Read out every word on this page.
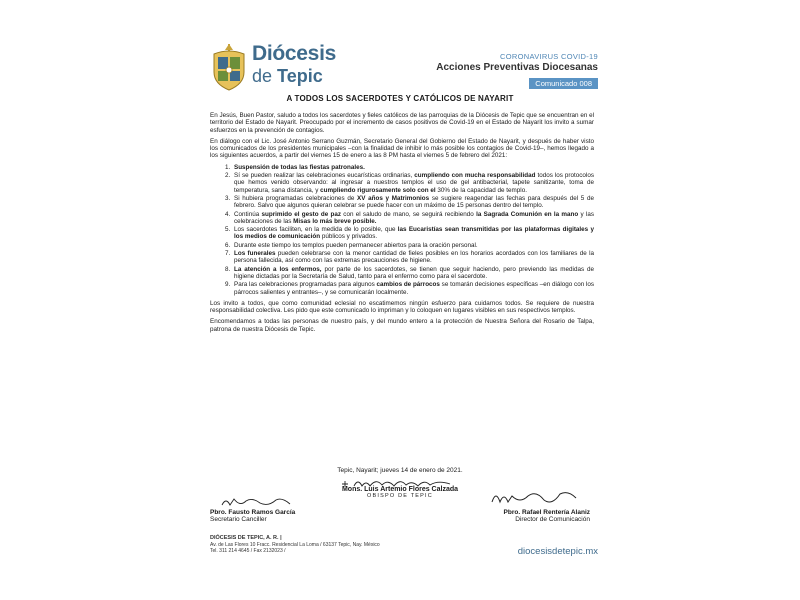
Diócesis
de Tepic
CORONAVIRUS COVID-19
Acciones Preventivas Diocesanas
Comunicado 008
A TODOS LOS SACERDOTES Y CATÓLICOS DE NAYARIT

En Jesús, Buen Pastor, saludo a todos los sacerdotes y fieles católicos de las parroquias de la Diócesis de Tepic que se encuentran en el territorio del Estado de Nayarit. Preocupado por el incremento de casos positivos de Covid-19 en el Estado de Nayarit los invito a sumar esfuerzos en la prevención de contagios.

En diálogo con el Lic. José Antonio Serrano Guzmán, Secretario General del Gobierno del Estado de Nayarit, y después de haber visto los comunicados de los presidentes municipales –con la finalidad de inhibir lo más posible los contagios de Covid-19–, hemos llegado a los siguientes acuerdos, a partir del viernes 15 de enero a las 8 PM hasta el viernes 5 de febrero del 2021:

1. Suspensión de todas las fiestas patronales.
2. Sí se pueden realizar las celebraciones eucarísticas ordinarias, cumpliendo con mucha responsabilidad todos los protocolos que hemos venido observando: al ingresar a nuestros templos el uso de gel antibacterial, tapete sanitizante, toma de temperatura, sana distancia, y cumpliendo rigurosamente solo con el 30% de la capacidad de templo.
3. Si hubiera programadas celebraciones de XV años y Matrimonios se sugiere reagendar las fechas para después del 5 de febrero. Salvo que algunos quieran celebrar se puede hacer con un máximo de 15 personas dentro del templo.
4. Continúa suprimido el gesto de paz con el saludo de mano, se seguirá recibiendo la Sagrada Comunión en la mano y las celebraciones de las Misas lo más breve posible.
5. Los sacerdotes faciliten, en la medida de lo posible, que las Eucaristías sean transmitidas por las plataformas digitales y los medios de comunicación públicos y privados.
6. Durante este tiempo los templos pueden permanecer abiertos para la oración personal.
7. Los funerales pueden celebrarse con la menor cantidad de fieles posibles en los horarios acordados con los familiares de la persona fallecida, así como con las extremas precauciones de higiene.
8. La atención a los enfermos, por parte de los sacerdotes, se tienen que seguir haciendo, pero previendo las medidas de higiene dictadas por la Secretaría de Salud, tanto para el enfermo como para el sacerdote.
9. Para las celebraciones programadas para algunos cambios de párrocos se tomarán decisiones específicas –en diálogo con los párrocos salientes y entrantes–, y se comunicarán localmente.

Los invito a todos, que como comunidad eclesial no escatimemos ningún esfuerzo para cuidarnos todos. Se requiere de nuestra responsabilidad colectiva. Les pido que este comunicado lo impriman y lo coloquen en lugares visibles en sus respectivos templos.

Encomendamos a todas las personas de nuestro país, y del mundo entero a la protección de Nuestra Señora del Rosario de Talpa, patrona de nuestra Diócesis de Tepic.

Tepic, Nayarit; jueves 14 de enero de 2021.
Mons. Luis Artemio Flores Calzada
OBISPO DE TEPIC
Pbro. Fausto Ramos García
Secretario Canciller
Pbro. Rafael Rentería Alaniz
Director de Comunicación
DIÓCESIS DE TEPIC, A. R. |
Av. de Las Flores 10 Fracc. Residencial La Loma / 63137 Tepic, Nay. México
Tel. 311 214 4645 / Fax 2132023 /	diocesisdetepic.mx
